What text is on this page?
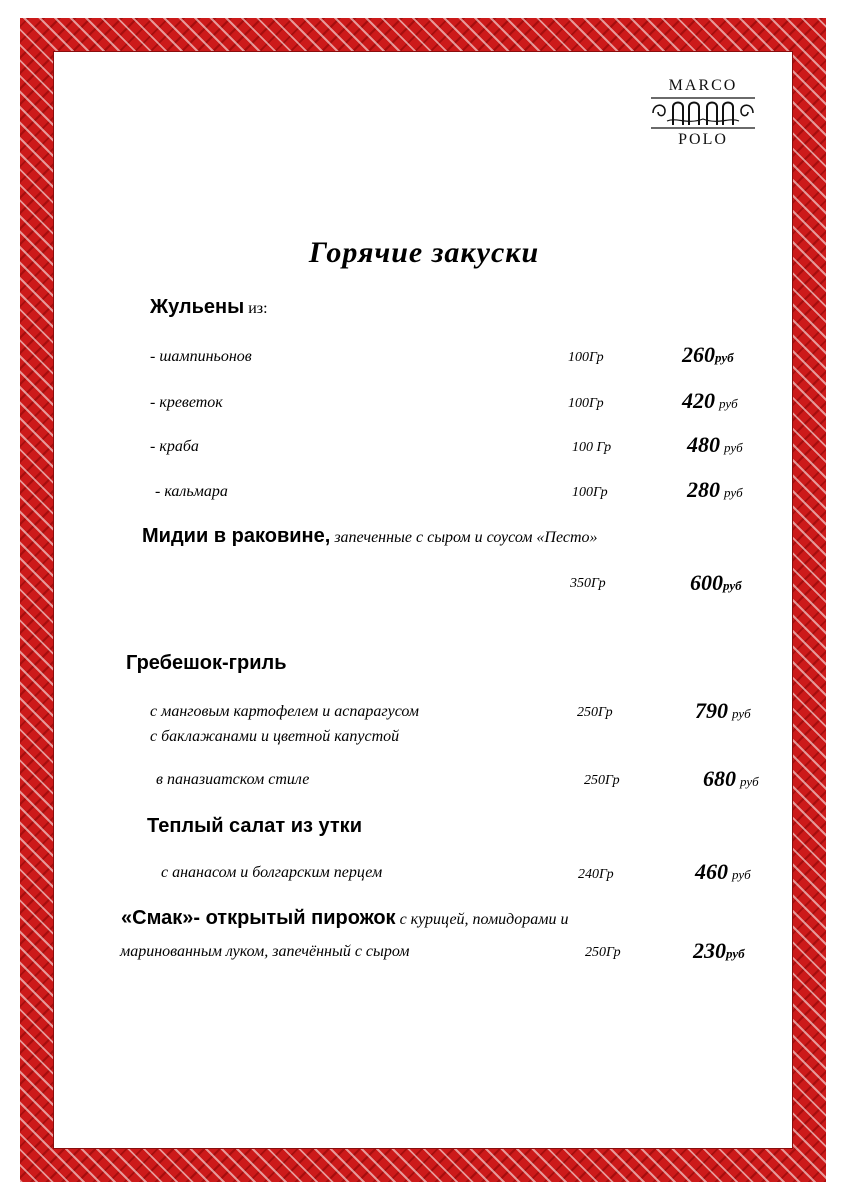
MARCO
POLO
Горячие закуски
Жульены из:
- шампиньонов	100Гр	260руб
- креветок	100Гр	420 руб
- краба	100 Гр	480 руб
- кальмара	100Гр	280 руб
Мидии в раковине, запеченные с сыром и соусом «Песто»
350Гр	600руб
Гребешок-гриль
с манговым картофелем и аспарагусом
с баклажанами и цветной капустой
250Гр	790 руб
в паназиатском стиле	250Гр	680 руб
Теплый салат из утки
с ананасом и болгарским перцем	240Гр	460 руб
«Смак»- открытый пирожок с курицей, помидорами и
маринованным луком, запечённый с сыром	250Гр	230руб
